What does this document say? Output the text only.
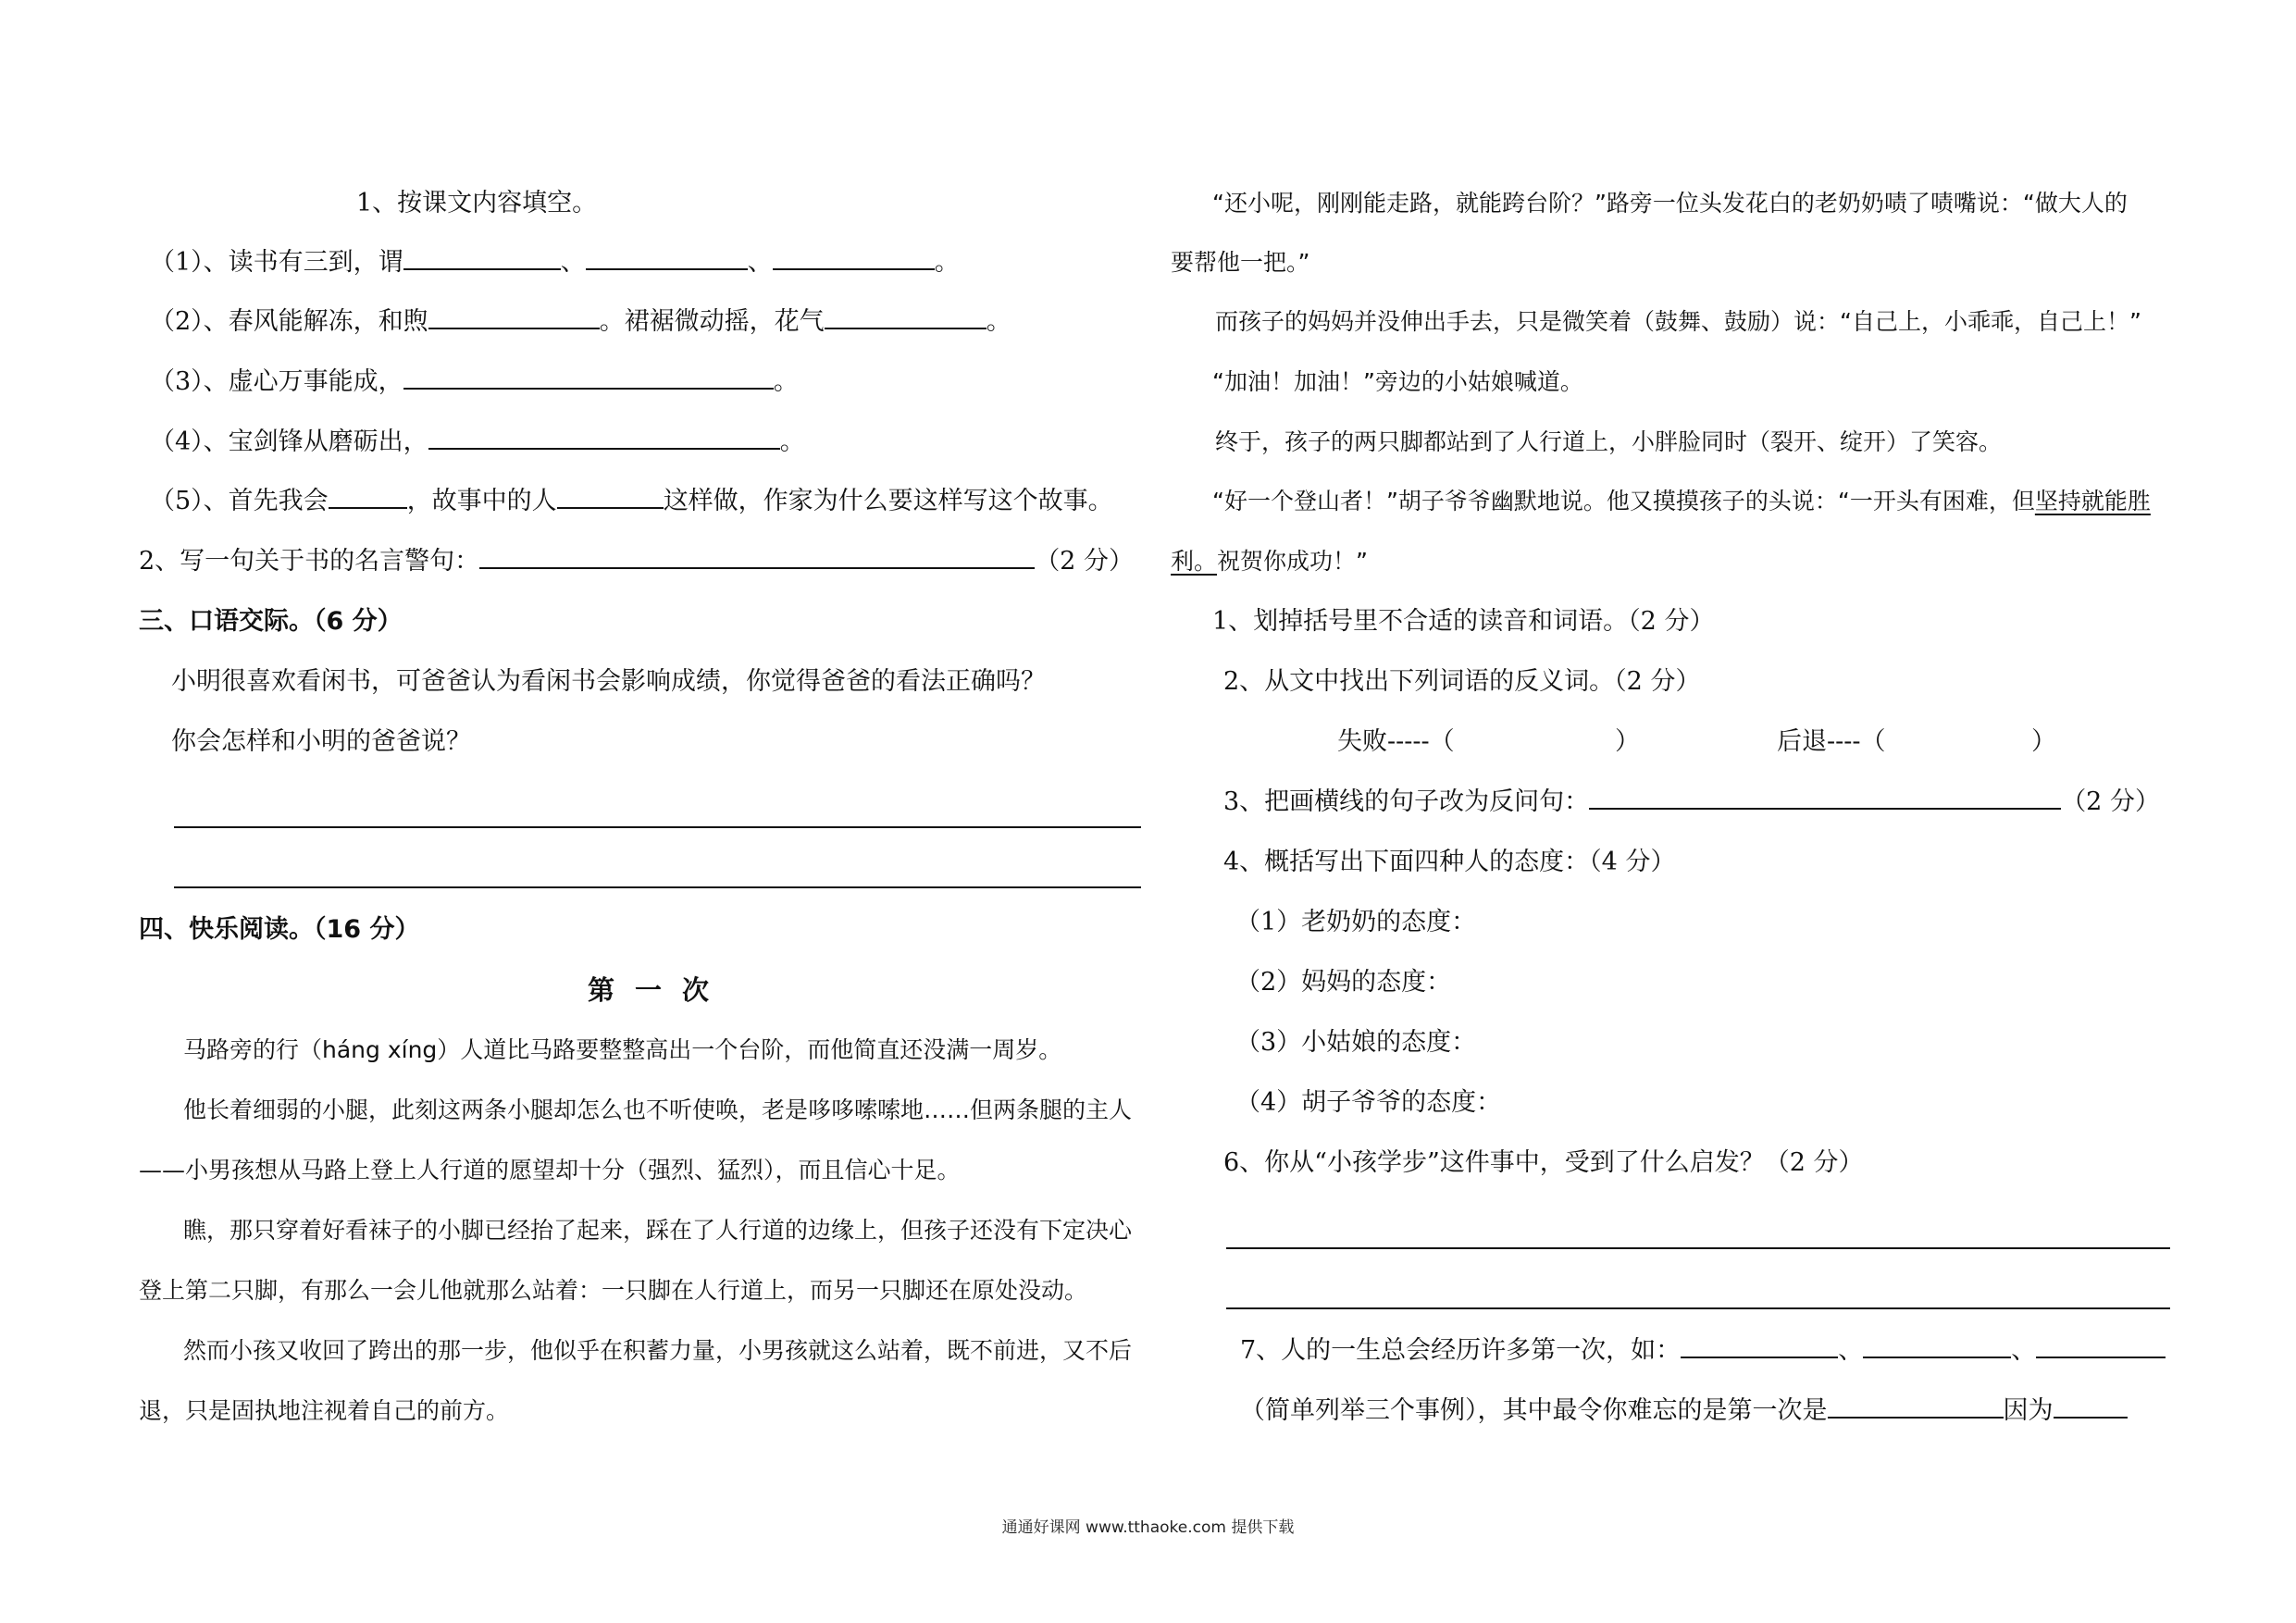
1、按课文内容填空。
（1）、读书有三到，谓	、	、	。
（2）、春风能解冻，和煦	。裙裾微动摇，花气	。
（3）、虚心万事能成，	。
（4）、宝剑锋从磨砺出，	。
（5）、首先我会	，故事中的人	这样做，作家为什么要这样写这个故事。
2、写一句关于书的名言警句：	（2 分）
三、口语交际。（6 分）
小明很喜欢看闲书，可爸爸认为看闲书会影响成绩，你觉得爸爸的看法正确吗？
你会怎样和小明的爸爸说？
四、快乐阅读。（16 分）
第一次
马路旁的行（háng xíng）人道比马路要整整高出一个台阶，而他简直还没满一周岁。
他长着细弱的小腿，此刻这两条小腿却怎么也不听使唤，老是哆哆嗦嗦地……但两条腿的主人
——小男孩想从马路上登上人行道的愿望却十分（强烈、猛烈），而且信心十足。
瞧，那只穿着好看袜子的小脚已经抬了起来，踩在了人行道的边缘上，但孩子还没有下定决心
登上第二只脚，有那么一会儿他就那么站着：一只脚在人行道上，而另一只脚还在原处没动。
然而小孩又收回了跨出的那一步，他似乎在积蓄力量，小男孩就这么站着，既不前进，又不后
退，只是固执地注视着自己的前方。
“还小呢，刚刚能走路，就能跨台阶？”路旁一位头发花白的老奶奶啧了啧嘴说：“做大人的
要帮他一把。”
而孩子的妈妈并没伸出手去，只是微笑着（鼓舞、鼓励）说：“自己上，小乖乖，自己上！”
“加油！加油！”旁边的小姑娘喊道。
终于，孩子的两只脚都站到了人行道上，小胖脸同时（裂开、绽开）了笑容。
“好一个登山者！”胡子爷爷幽默地说。他又摸摸孩子的头说：“一开头有困难，但坚持就能胜
利。祝贺你成功！”
1、划掉括号里不合适的读音和词语。（2 分）
2、从文中找出下列词语的反义词。（2 分）
失败-----（	）	后退----（	）
3、把画横线的句子改为反问句：	（2 分）
4、概括写出下面四种人的态度：（4 分）
（1）老奶奶的态度：
（2）妈妈的态度：
（3）小姑娘的态度：
（4）胡子爷爷的态度：
6、你从“小孩学步”这件事中，受到了什么启发？（2 分）
7、人的一生总会经历许多第一次，如：	、	、
（简单列举三个事例），其中最令你难忘的是第一次是	因为
通通好课网 www.tthaoke.com 提供下载
